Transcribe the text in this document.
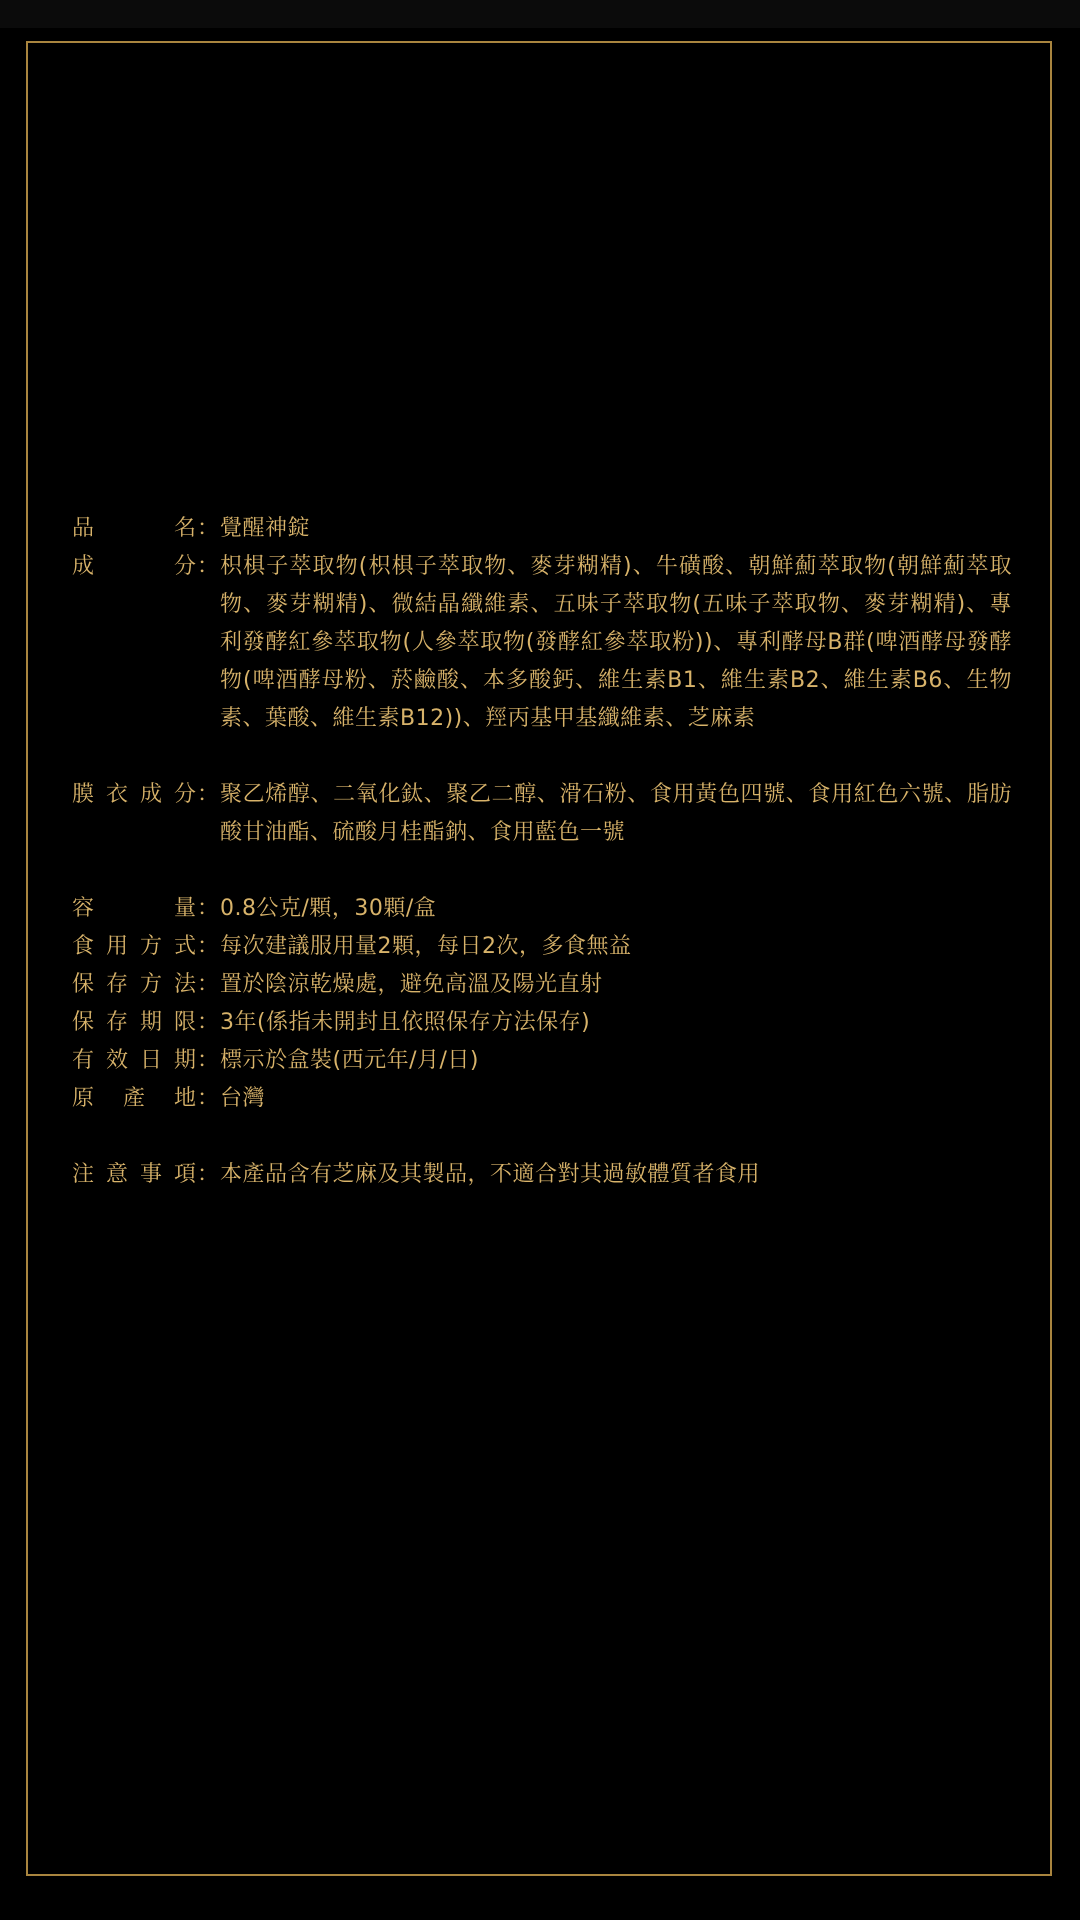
品	名 ： 覺醒神錠
成	分 ： 枳椇子萃取物(枳椇子萃取物、麥芽糊精)、牛磺酸、朝鮮薊萃取物(朝鮮薊萃取物、麥芽糊精)、微結晶纖維素、五味子萃取物(五味子萃取物、麥芽糊精)、專利發酵紅參萃取物(人參萃取物(發酵紅參萃取粉))、專利酵母B群(啤酒酵母發酵物(啤酒酵母粉、菸鹼酸、本多酸鈣、維生素B1、維生素B2、維生素B6、生物素、葉酸、維生素B12))、羥丙基甲基纖維素、芝麻素
膜 衣 成 分 ： 聚乙烯醇、二氧化鈦、聚乙二醇、滑石粉、食用黃色四號、食用紅色六號、脂肪酸甘油酯、硫酸月桂酯鈉、食用藍色一號
容	量 ： 0.8公克/顆，30顆/盒
食 用 方 式 ： 每次建議服用量2顆，每日2次，多食無益
保 存 方 法 ： 置於陰涼乾燥處，避免高溫及陽光直射
保 存 期 限 ： 3年(係指未開封且依照保存方法保存)
有 效 日 期 ： 標示於盒裝(西元年/月/日)
原 產 地 ： 台灣
注 意 事 項 ： 本產品含有芝麻及其製品，不適合對其過敏體質者食用
